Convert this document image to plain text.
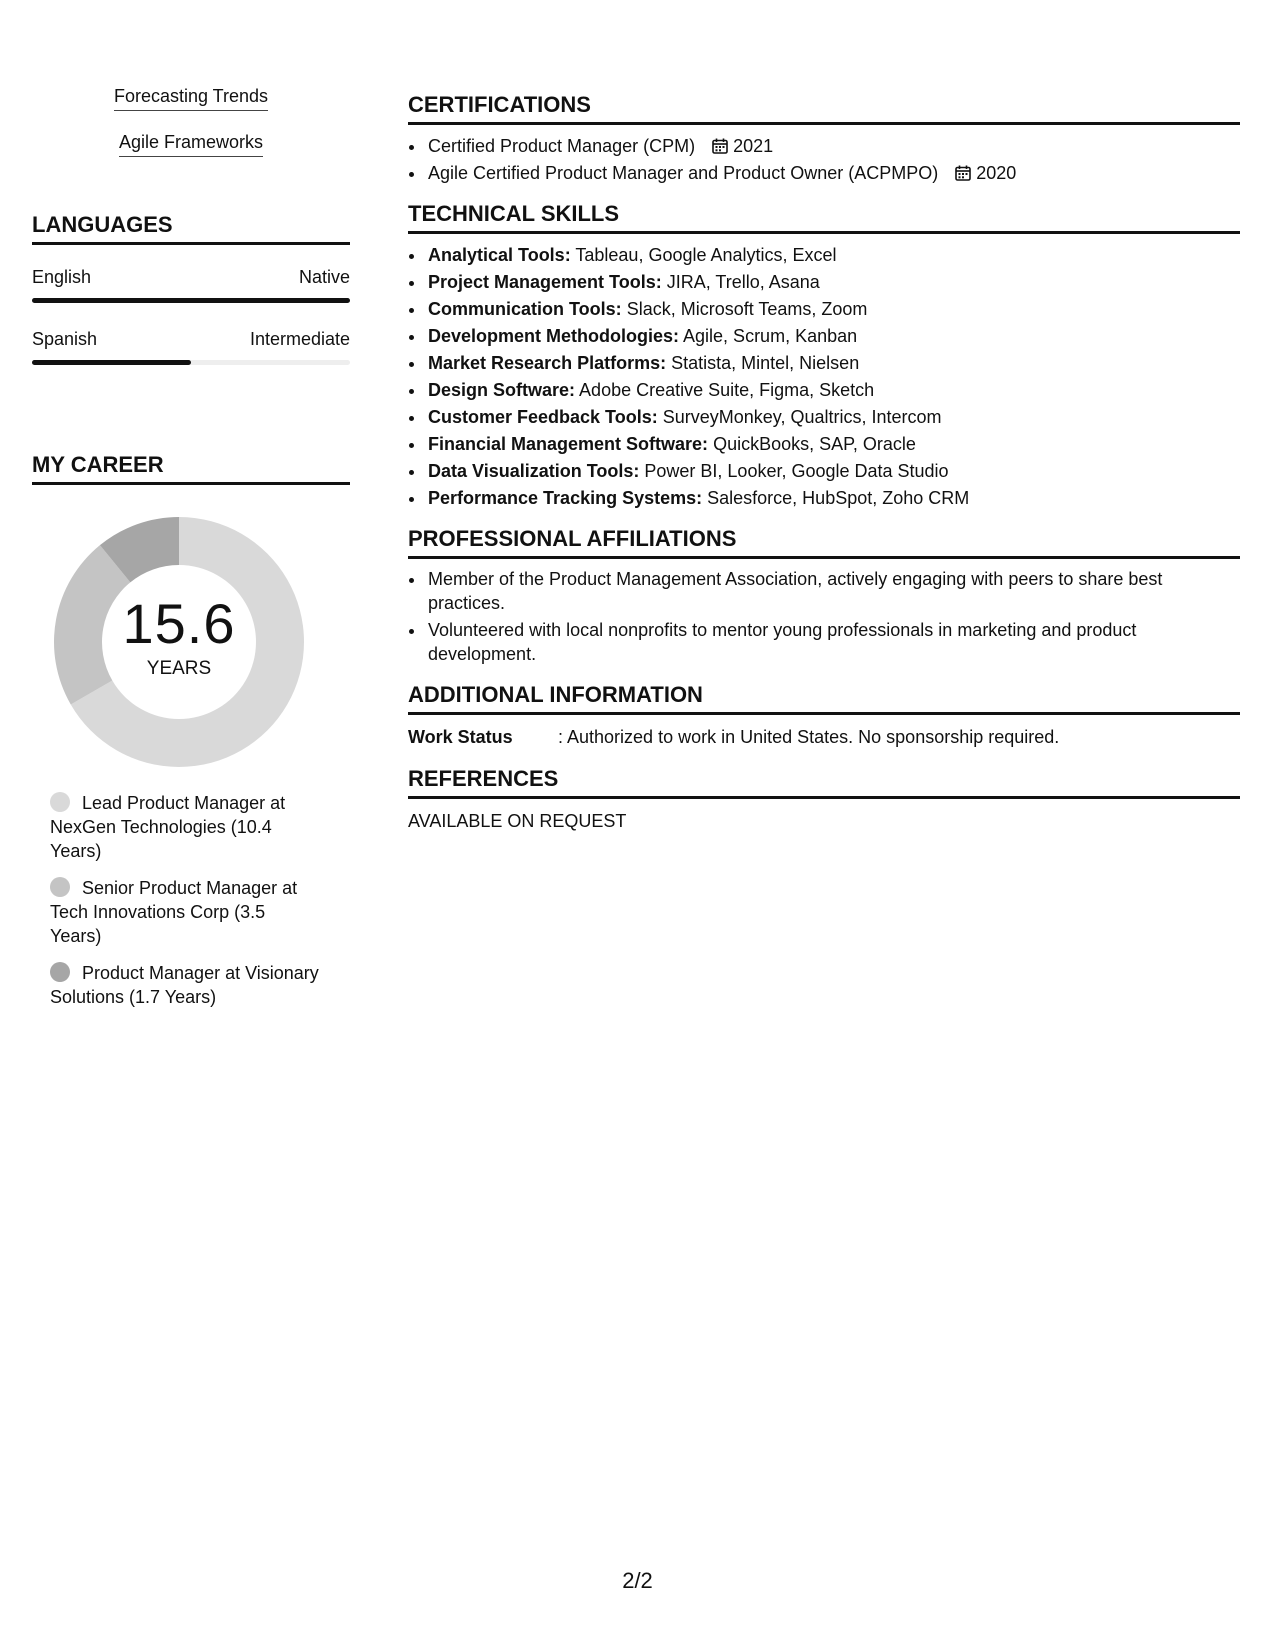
Forecasting Trends
Agile Frameworks
LANGUAGES
English	Native
Spanish	Intermediate
MY CAREER
15.6
YEARS
Lead Product Manager at NexGen Technologies (10.4 Years)
Senior Product Manager at Tech Innovations Corp (3.5 Years)
Product Manager at Visionary Solutions (1.7 Years)
CERTIFICATIONS
• Certified Product Manager (CPM) 2021
• Agile Certified Product Manager and Product Owner (ACPMPO) 2020
TECHNICAL SKILLS
• Analytical Tools: Tableau, Google Analytics, Excel
• Project Management Tools: JIRA, Trello, Asana
• Communication Tools: Slack, Microsoft Teams, Zoom
• Development Methodologies: Agile, Scrum, Kanban
• Market Research Platforms: Statista, Mintel, Nielsen
• Design Software: Adobe Creative Suite, Figma, Sketch
• Customer Feedback Tools: SurveyMonkey, Qualtrics, Intercom
• Financial Management Software: QuickBooks, SAP, Oracle
• Data Visualization Tools: Power BI, Looker, Google Data Studio
• Performance Tracking Systems: Salesforce, HubSpot, Zoho CRM
PROFESSIONAL AFFILIATIONS
• Member of the Product Management Association, actively engaging with peers to share best practices.
• Volunteered with local nonprofits to mentor young professionals in marketing and product development.
ADDITIONAL INFORMATION
Work Status	: Authorized to work in United States. No sponsorship required.
REFERENCES
AVAILABLE ON REQUEST
2/2
